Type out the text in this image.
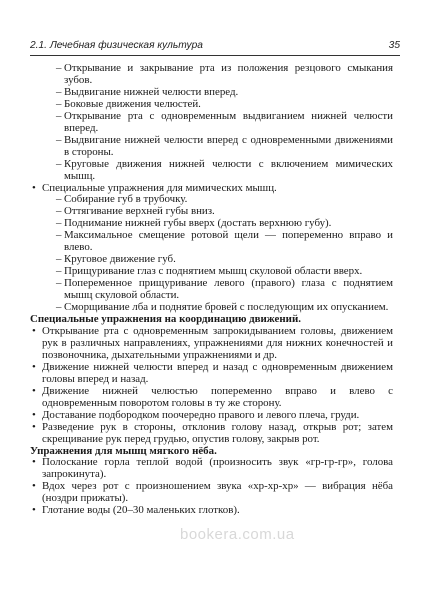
2.1. Лечебная физическая культура	35
– Открывание и закрывание рта из положения резцового смыкания зубов.
– Выдвигание нижней челюсти вперед.
– Боковые движения челюстей.
– Открывание рта с одновременным выдвиганием нижней челюсти вперед.
– Выдвигание нижней челюсти вперед с одновременными движениями в стороны.
– Круговые движения нижней челюсти с включением мимических мышц.
• Специальные упражнения для мимических мышц.
– Собирание губ в трубочку.
– Оттягивание верхней губы вниз.
– Поднимание нижней губы вверх (достать верхнюю губу).
– Максимальное смещение ротовой щели — попеременно вправо и влево.
– Круговое движение губ.
– Прищуривание глаз с поднятием мышц скуловой области вверх.
– Попеременное прищуривание левого (правого) глаза с поднятием мышц скуловой области.
– Сморщивание лба и поднятие бровей с последующим их опусканием.
Специальные упражнения на координацию движений.
• Открывание рта с одновременным запрокидыванием головы, движением рук в различных направлениях, упражнениями для нижних конечностей и позвоночника, дыхательными упражнениями и др.
• Движение нижней челюсти вперед и назад с одновременным движением головы вперед и назад.
• Движение нижней челюстью попеременно вправо и влево с одновременным поворотом головы в ту же сторону.
• Доставание подбородком поочередно правого и левого плеча, груди.
• Разведение рук в стороны, отклонив голову назад, открыв рот; затем скрещивание рук перед грудью, опустив голову, закрыв рот.
Упражнения для мышц мягкого нёба.
• Полоскание горла теплой водой (произносить звук «гр-гр-гр», голова запрокинута).
• Вдох через рот с произношением звука «хр-хр-хр» — вибрация нёба (ноздри прижаты).
• Глотание воды (20–30 маленьких глотков).
bookera.com.ua
